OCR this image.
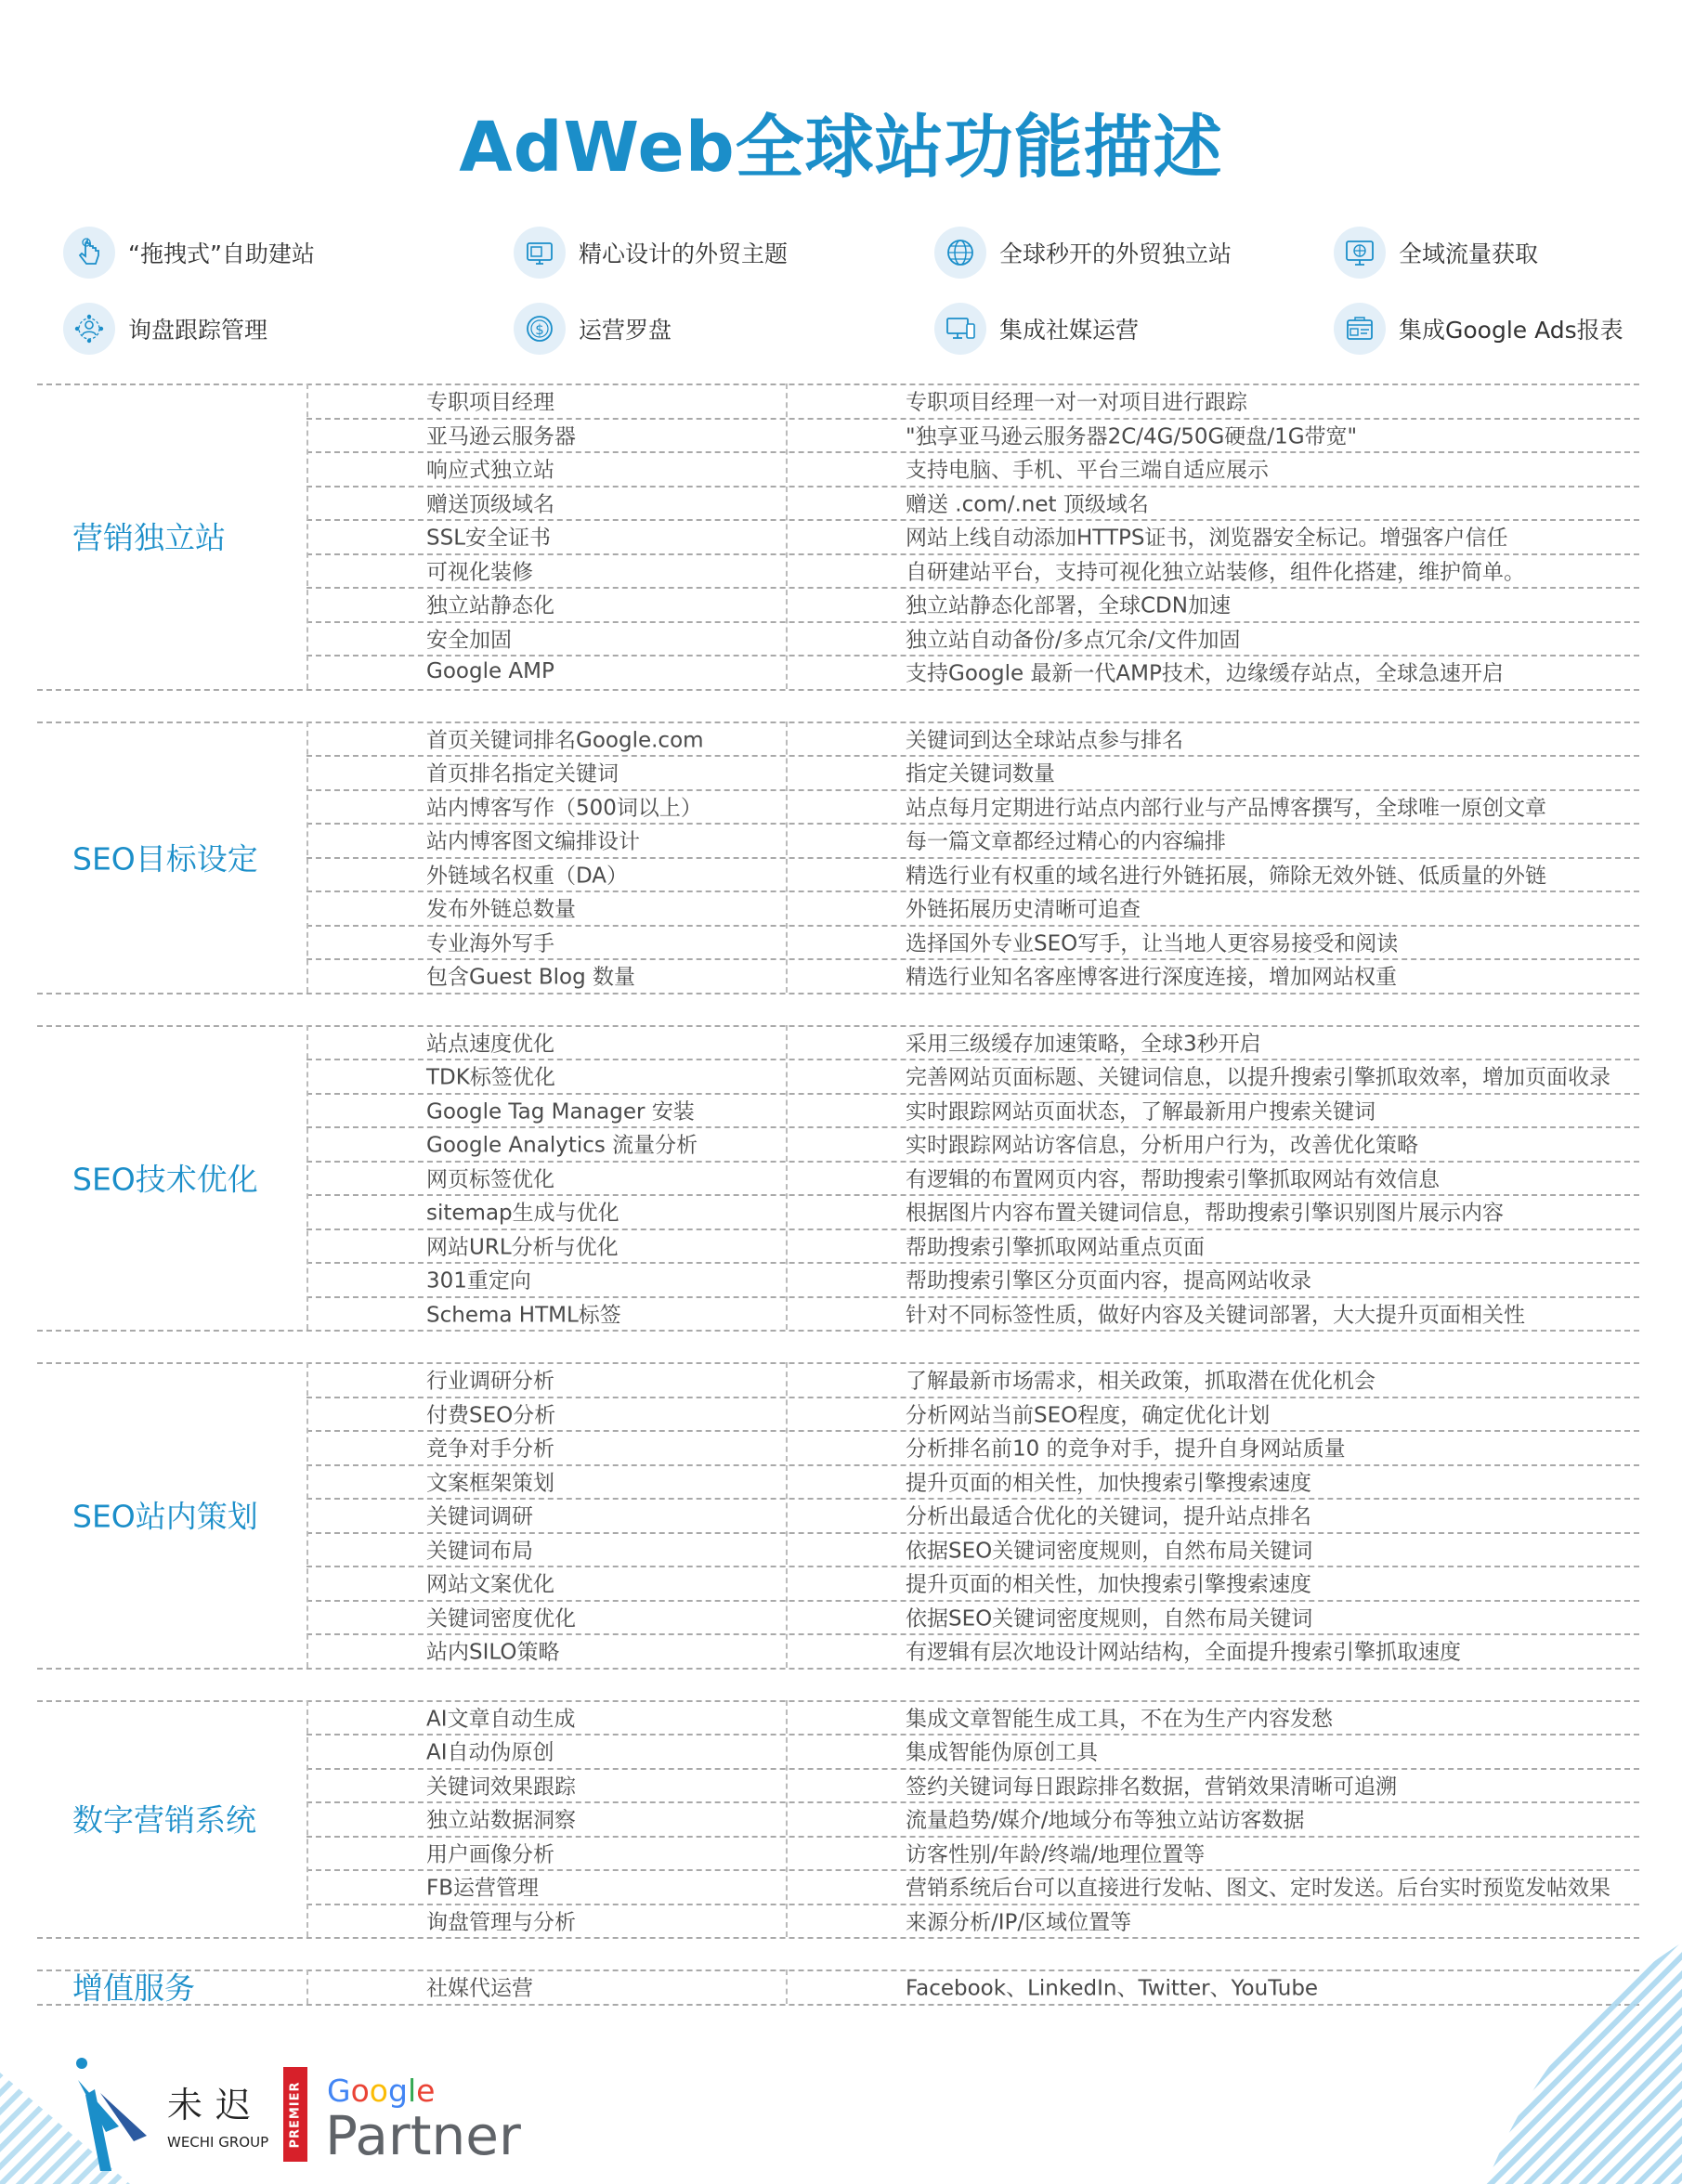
AdWeb全球站功能描述
“拖拽式”自助建站	精心设计的外贸主题	全球秒开的外贸独立站	全域流量获取
询盘跟踪管理	$ 运营罗盘	集成社媒运营	集成Google Ads报表
营销独立站
专职项目经理	专职项目经理一对一对项目进行跟踪
亚马逊云服务器	"独享亚马逊云服务器2C/4G/50G硬盘/1G带宽"
响应式独立站	支持电脑、手机、平台三端自适应展示
赠送顶级域名	赠送 .com/.net 顶级域名
SSL安全证书	网站上线自动添加HTTPS证书，浏览器安全标记。增强客户信任
可视化装修	自研建站平台，支持可视化独立站装修，组件化搭建，维护简单。
独立站静态化	独立站静态化部署，全球CDN加速
安全加固	独立站自动备份/多点冗余/文件加固
Google AMP	支持Google 最新一代AMP技术，边缘缓存站点，全球急速开启
SEO目标设定
首页关键词排名Google.com	关键词到达全球站点参与排名
首页排名指定关键词	指定关键词数量
站内博客写作（500词以上）	站点每月定期进行站点内部行业与产品博客撰写，全球唯一原创文章
站内博客图文编排设计	每一篇文章都经过精心的内容编排
外链域名权重（DA）	精选行业有权重的域名进行外链拓展，筛除无效外链、低质量的外链
发布外链总数量	外链拓展历史清晰可追查
专业海外写手	选择国外专业SEO写手，让当地人更容易接受和阅读
包含Guest Blog 数量	精选行业知名客座博客进行深度连接，增加网站权重
SEO技术优化
站点速度优化	采用三级缓存加速策略，全球3秒开启
TDK标签优化	完善网站页面标题、关键词信息，以提升搜索引擎抓取效率，增加页面收录
Google Tag Manager 安装	实时跟踪网站页面状态，了解最新用户搜索关键词
Google Analytics 流量分析	实时跟踪网站访客信息，分析用户行为，改善优化策略
网页标签优化	有逻辑的布置网页内容，帮助搜索引擎抓取网站有效信息
sitemap生成与优化	根据图片内容布置关键词信息，帮助搜索引擎识别图片展示内容
网站URL分析与优化	帮助搜索引擎抓取网站重点页面
301重定向	帮助搜索引擎区分页面内容，提高网站收录
Schema HTML标签	针对不同标签性质，做好内容及关键词部署，大大提升页面相关性
SEO站内策划
行业调研分析	了解最新市场需求，相关政策，抓取潜在优化机会
付费SEO分析	分析网站当前SEO程度，确定优化计划
竞争对手分析	分析排名前10 的竞争对手，提升自身网站质量
文案框架策划	提升页面的相关性，加快搜索引擎搜索速度
关键词调研	分析出最适合优化的关键词，提升站点排名
关键词布局	依据SEO关键词密度规则，自然布局关键词
网站文案优化	提升页面的相关性，加快搜索引擎搜索速度
关键词密度优化	依据SEO关键词密度规则，自然布局关键词
站内SILO策略	有逻辑有层次地设计网站结构，全面提升搜索引擎抓取速度
数字营销系统
AI文章自动生成	集成文章智能生成工具，不在为生产内容发愁
AI自动伪原创	集成智能伪原创工具
关键词效果跟踪	签约关键词每日跟踪排名数据，营销效果清晰可追溯
独立站数据洞察	流量趋势/媒介/地域分布等独立站访客数据
用户画像分析	访客性别/年龄/终端/地理位置等
FB运营管理	营销系统后台可以直接进行发帖、图文、定时发送。后台实时预览发帖效果
询盘管理与分析	来源分析/IP/区域位置等
增值服务	社媒代运营	Facebook、LinkedIn、Twitter、YouTube
未迟
WECHI GROUP PREMIER Google
Partner
